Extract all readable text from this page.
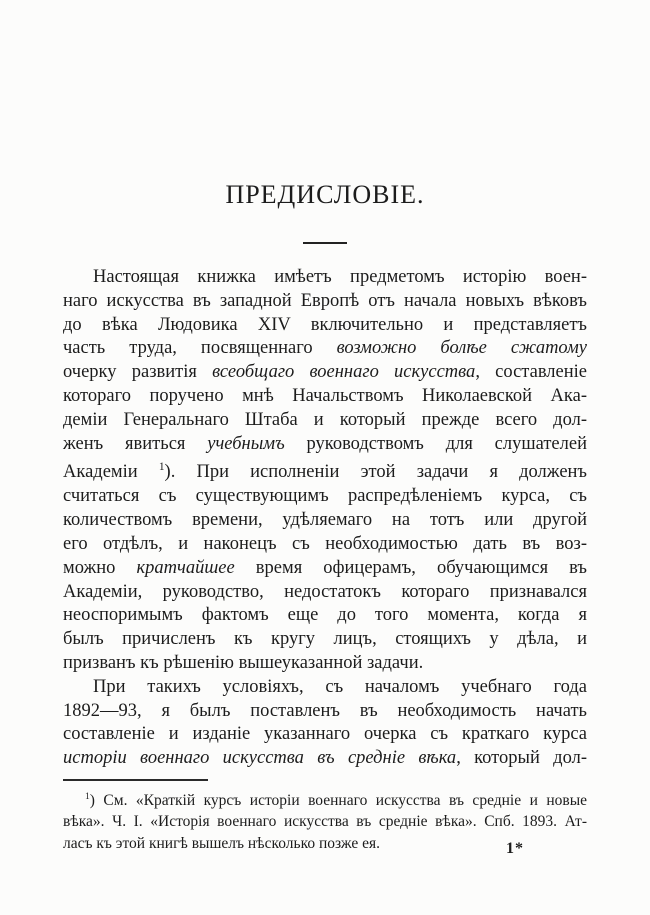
ПРЕДИСЛОВІЕ.
Настоящая книжка имѣетъ предметомъ исторію воен-
наго искусства въ западной Европѣ отъ начала новыхъ вѣковъ
до вѣка Людовика XIV включительно и представляетъ
часть труда, посвященнаго возможно болѣе сжатому
очерку развитія всеобщаго военнаго искусства, составленіе
котораго поручено мнѣ Начальствомъ Николаевской Ака-
деміи Генеральнаго Штаба и который прежде всего дол-
женъ явиться учебнымъ руководствомъ для слушателей
Академіи $^1$). При исполненіи этой задачи я долженъ
считаться съ существующимъ распредѣленіемъ курса, съ
количествомъ времени, удѣляемаго на тотъ или другой
его отдѣлъ, и наконецъ съ необходимостью дать въ воз-
можно кратчайшее время офицерамъ, обучающимся въ
Академіи, руководство, недостатокъ котораго признавался
неоспоримымъ фактомъ еще до того момента, когда я
былъ причисленъ къ кругу лицъ, стоящихъ у дѣла, и
призванъ къ рѣшенію вышеуказанной задачи.
При такихъ условіяхъ, съ началомъ учебнаго года
1892—93, я былъ поставленъ въ необходимость начать
составленіе и изданіе указаннаго очерка съ краткаго курса
исторіи военнаго искусства въ средніе вѣка, который дол-
$^1$) См. «Краткій курсъ исторіи военнаго искусства въ средніе и новые
вѣка». Ч. I. «Исторія военнаго искусства въ средніе вѣка». Спб. 1893. Ат-
ласъ къ этой книгѣ вышелъ нѣсколько позже ея.	1*
